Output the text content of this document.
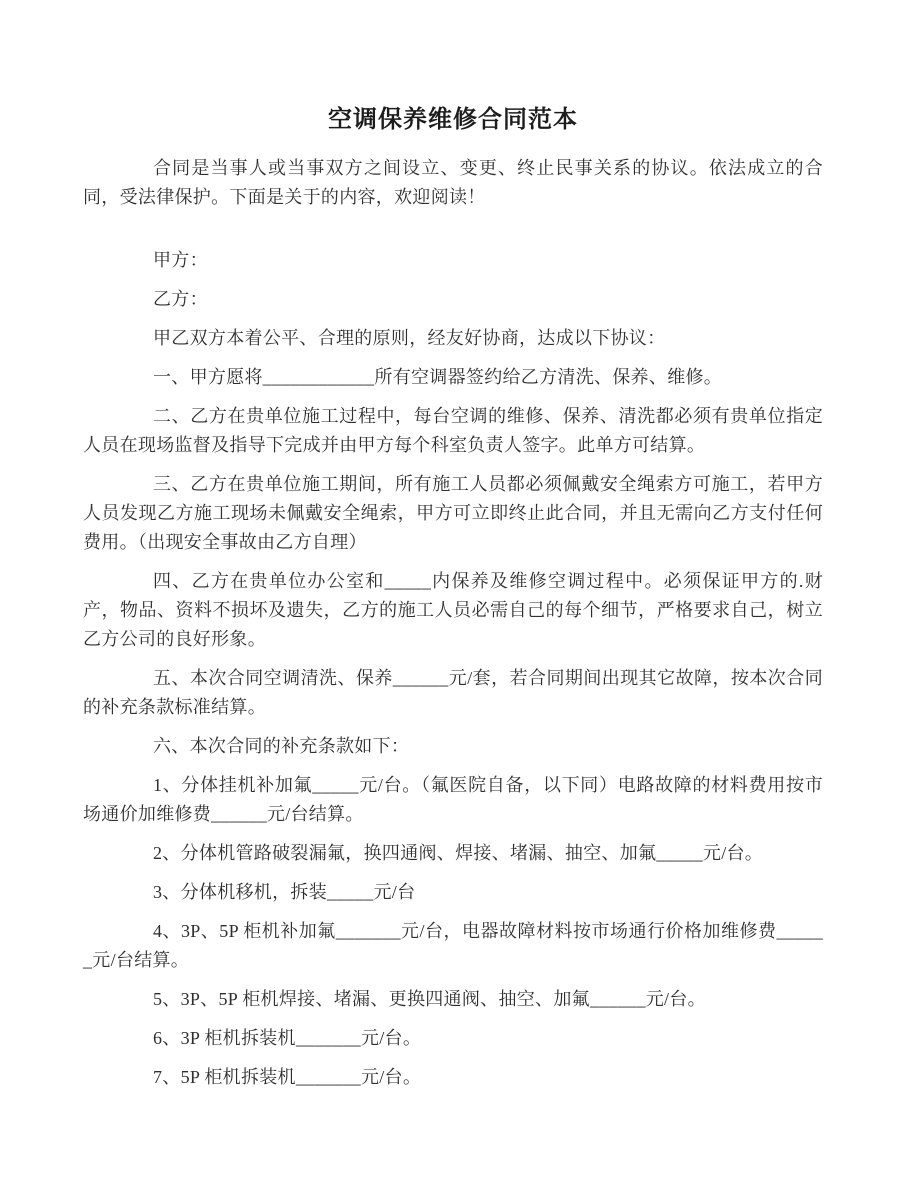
空调保养维修合同范本

合同是当事人或当事双方之间设立、变更、终止民事关系的协议。依法成立的合同，受法律保护。下面是关于的内容，欢迎阅读！

甲方：

乙方：

甲乙双方本着公平、合理的原则，经友好协商，达成以下协议：

一、甲方愿将____________所有空调器签约给乙方清洗、保养、维修。

二、乙方在贵单位施工过程中，每台空调的维修、保养、清洗都必须有贵单位指定人员在现场监督及指导下完成并由甲方每个科室负责人签字。此单方可结算。

三、乙方在贵单位施工期间，所有施工人员都必须佩戴安全绳索方可施工，若甲方人员发现乙方施工现场未佩戴安全绳索，甲方可立即终止此合同，并且无需向乙方支付任何费用。（出现安全事故由乙方自理）

四、乙方在贵单位办公室和_____内保养及维修空调过程中。必须保证甲方的.财产，物品、资料不损坏及遗失，乙方的施工人员必需自己的每个细节，严格要求自己，树立乙方公司的良好形象。

五、本次合同空调清洗、保养______元/套，若合同期间出现其它故障，按本次合同的补充条款标准结算。

六、本次合同的补充条款如下：

1、分体挂机补加氟_____元/台。（氟医院自备，以下同）电路故障的材料费用按市场通价加维修费______元/台结算。

2、分体机管路破裂漏氟，换四通阀、焊接、堵漏、抽空、加氟_____元/台。

3、分体机移机，拆装_____元/台

4、3P、5P 柜机补加氟_______元/台，电器故障材料按市场通行价格加维修费______元/台结算。

5、3P、5P 柜机焊接、堵漏、更换四通阀、抽空、加氟______元/台。

6、3P 柜机拆装机_______元/台。

7、5P 柜机拆装机_______元/台。
